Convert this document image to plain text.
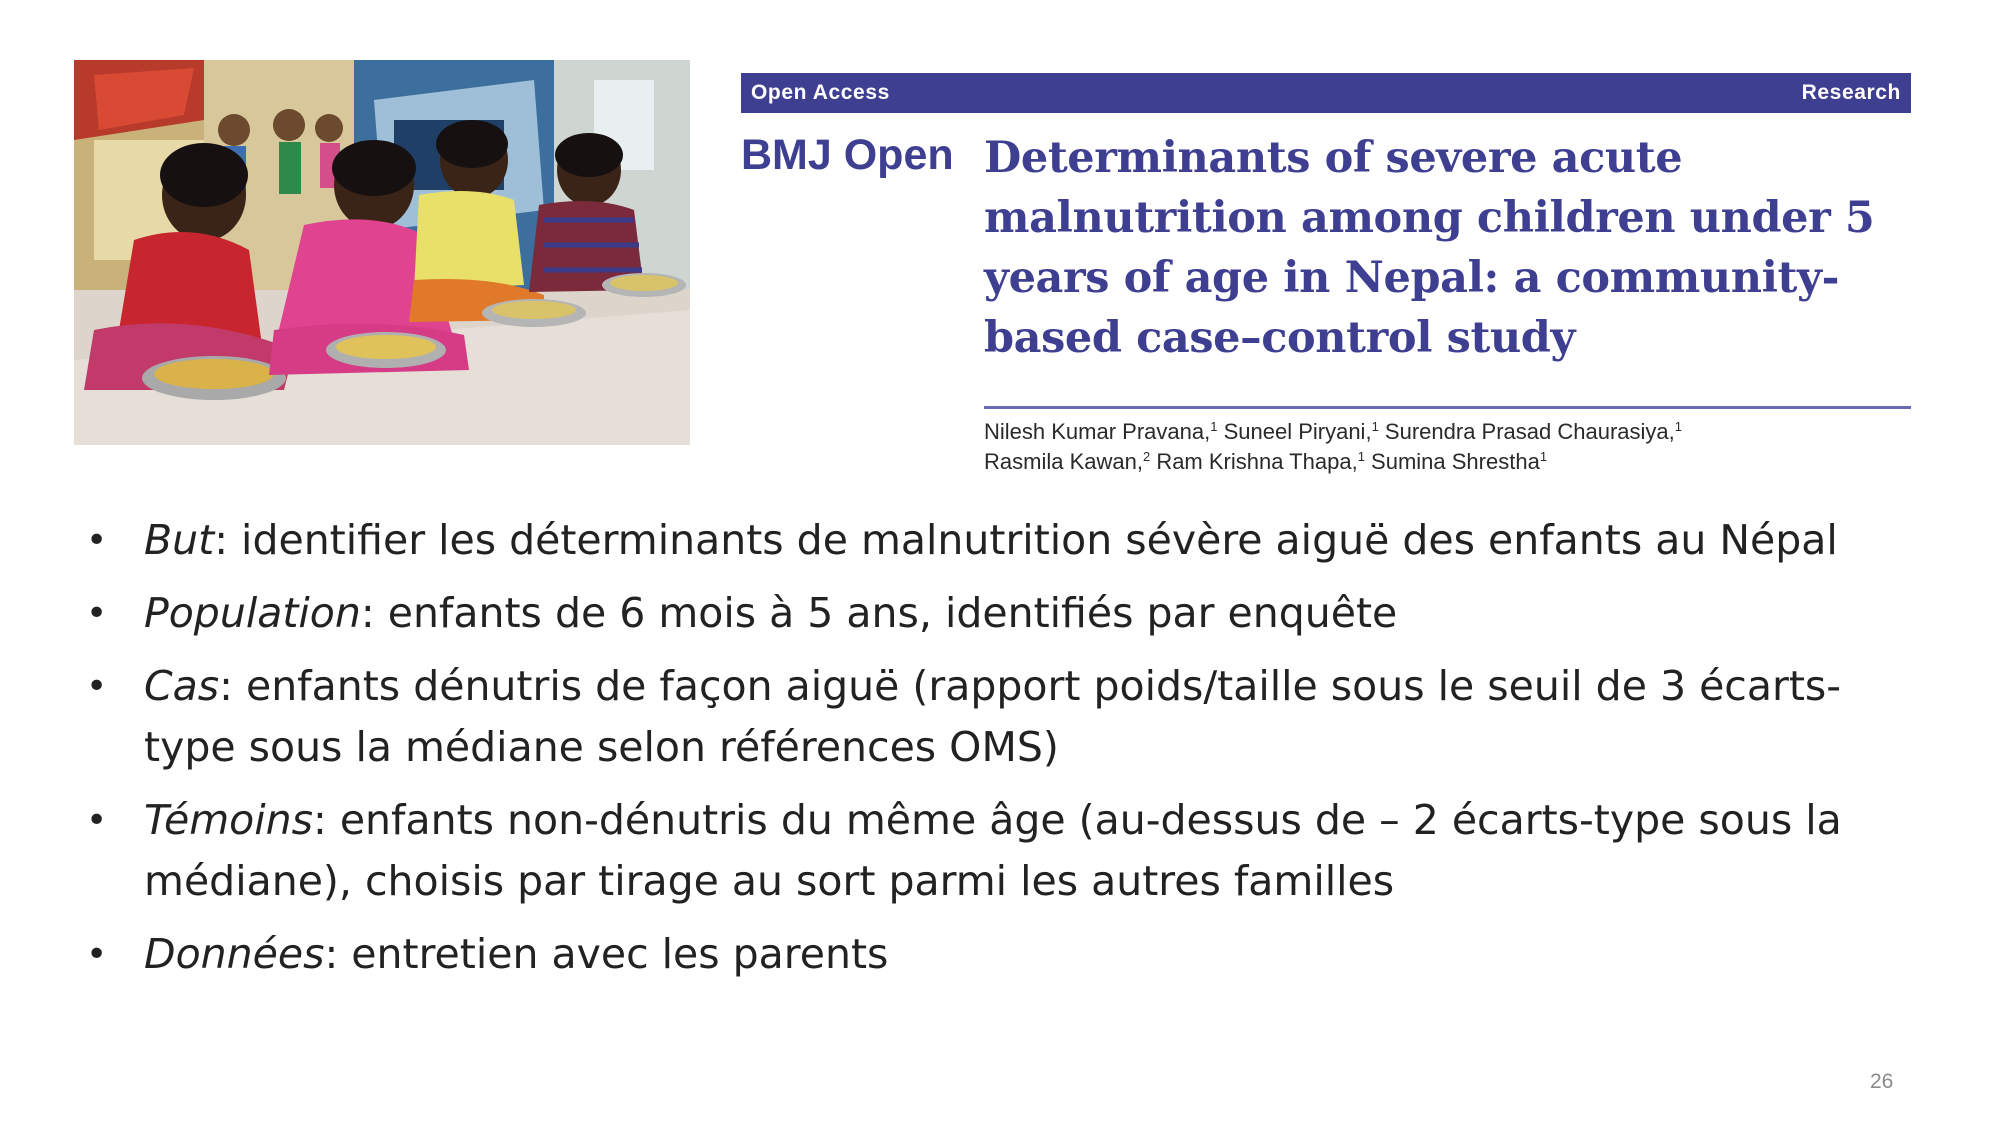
Open Access	Research
BMJ Open Determinants of severe acute malnutrition among children under 5 years of age in Nepal: a community-based case–control study
Nilesh Kumar Pravana,$^1$ Suneel Piryani,$^1$ Surendra Prasad Chaurasiya,$^1$
Rasmila Kawan,$^2$ Ram Krishna Thapa,$^1$ Sumina Shrestha$^1$
• But: identifier les déterminants de malnutrition sévère aiguë des enfants au Népal
• Population: enfants de 6 mois à 5 ans, identifiés par enquête
• Cas: enfants dénutris de façon aiguë (rapport poids/taille sous le seuil de 3 écarts-type sous la médiane selon références OMS)
• Témoins: enfants non-dénutris du même âge (au-dessus de – 2 écarts-type sous la médiane), choisis par tirage au sort parmi les autres familles
• Données: entretien avec les parents
26
